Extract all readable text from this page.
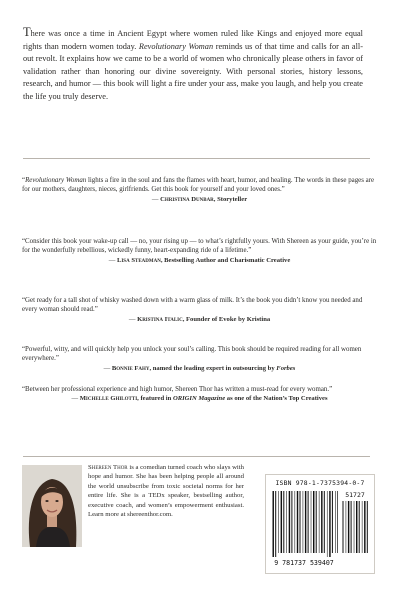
There was once a time in Ancient Egypt where women ruled like Kings and enjoyed more equal rights than modern women today. Revolutionary Woman reminds us of that time and calls for an all-out revolt. It explains how we came to be a world of women who chronically please others in favor of validation rather than honoring our divine sovereignty. With personal stories, history lessons, research, and humor — this book will light a fire under your ass, make you laugh, and help you create the life you truly deserve.

“Revolutionary Woman lights a fire in the soul and fans the flames with heart, humor, and healing. The words in these pages are for our mothers, daughters, nieces, girlfriends. Get this book for yourself and your loved ones.”

— Christina Dunbar, Storyteller

“Consider this book your wake-up call — no, your rising up — to what’s rightfully yours. With Shereen as your guide, you’re in for the wonderfully rebellious, wickedly funny, heart-expanding ride of a lifetime.”

— Lisa Steadman, Bestselling Author and Charismatic Creative

“Get ready for a tall shot of whisky washed down with a warm glass of milk. It’s the book you didn’t know you needed and every woman should read.”

— Kristina Italic, Founder of Evoke by Kristina

“Powerful, witty, and will quickly help you unlock your soul’s calling. This book should be required reading for all women everywhere.”

— Bonnie Fahy, named the leading expert in outsourcing by Forbes

“Between her professional experience and high humor, Shereen Thor has written a must-read for every woman.”

— Michelle Ghilotti, featured in ORIGIN Magazine as one of the Nation’s Top Creatives

Shereen Thor is a comedian turned coach who slays with hope and humor. She has been helping people all around the world unsubscribe from toxic societal norms for her entire life. She is a TEDx speaker, bestselling author, executive coach, and women’s empowerment enthusiast. Learn more at shereenthor.com.

ISBN 978-1-7375394-0-7
51727
9 781737 539407
